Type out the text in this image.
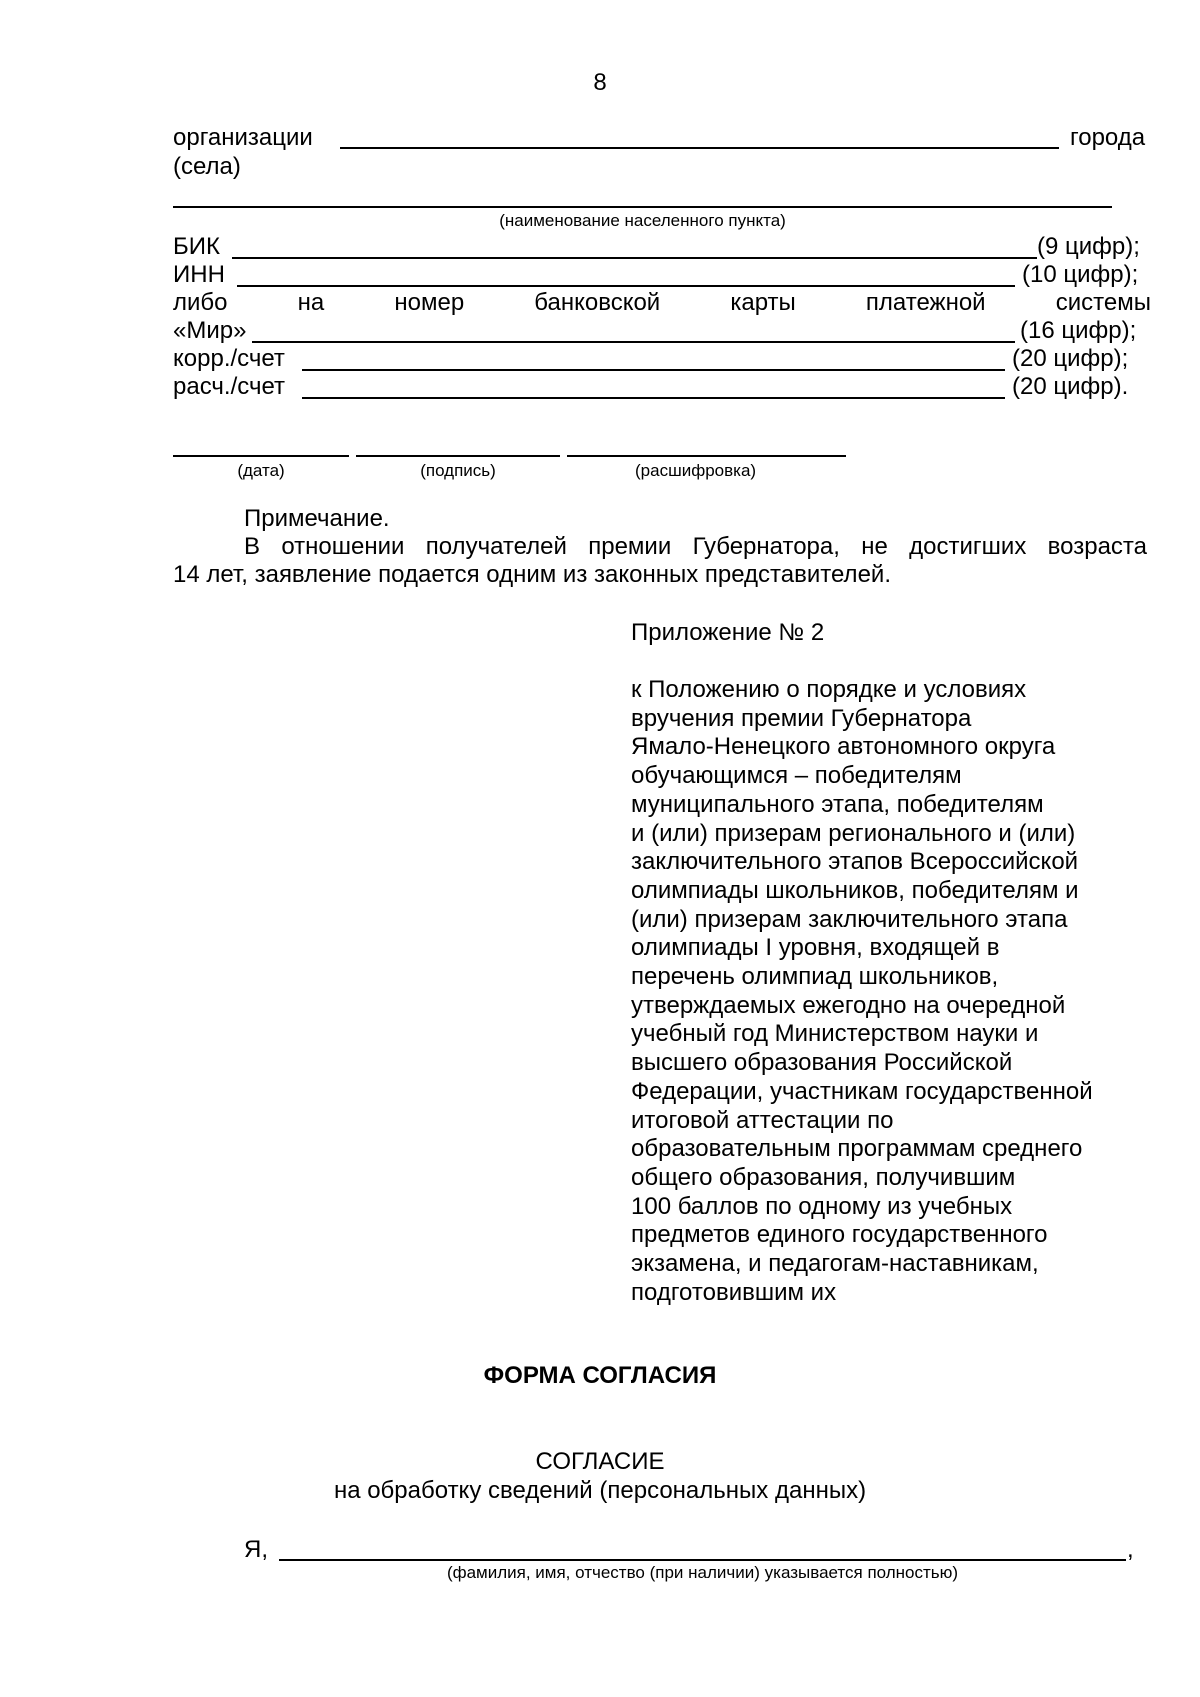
8
организации	города
(села)
(наименование населенного пункта)
БИК	(9 цифр);
ИНН	(10 цифр);
либо	на	номер	банковской	карты	платежной	системы
«Мир»	(16 цифр);
корр./счет	(20 цифр);
расч./счет	(20 цифр).
(дата)	(подпись)	(расшифровка)
Примечание.
В отношении получателей премии Губернатора, не достигших возраста
14 лет, заявление подается одним из законных представителей.
Приложение № 2
к Положению о порядке и условиях
вручения премии Губернатора
Ямало-Ненецкого автономного округа
обучающимся – победителям
муниципального этапа, победителям
и (или) призерам регионального и (или)
заключительного этапов Всероссийской
олимпиады школьников, победителям и
(или) призерам заключительного этапа
олимпиады I уровня, входящей в
перечень олимпиад школьников,
утверждаемых ежегодно на очередной
учебный год Министерством науки и
высшего образования Российской
Федерации, участникам государственной
итоговой аттестации по
образовательным программам среднего
общего образования, получившим
100 баллов по одному из учебных
предметов единого государственного
экзамена, и педагогам-наставникам,
подготовившим их
ФОРМА СОГЛАСИЯ
СОГЛАСИЕ
на обработку сведений (персональных данных)
Я,	,
(фамилия, имя, отчество (при наличии) указывается полностью)
